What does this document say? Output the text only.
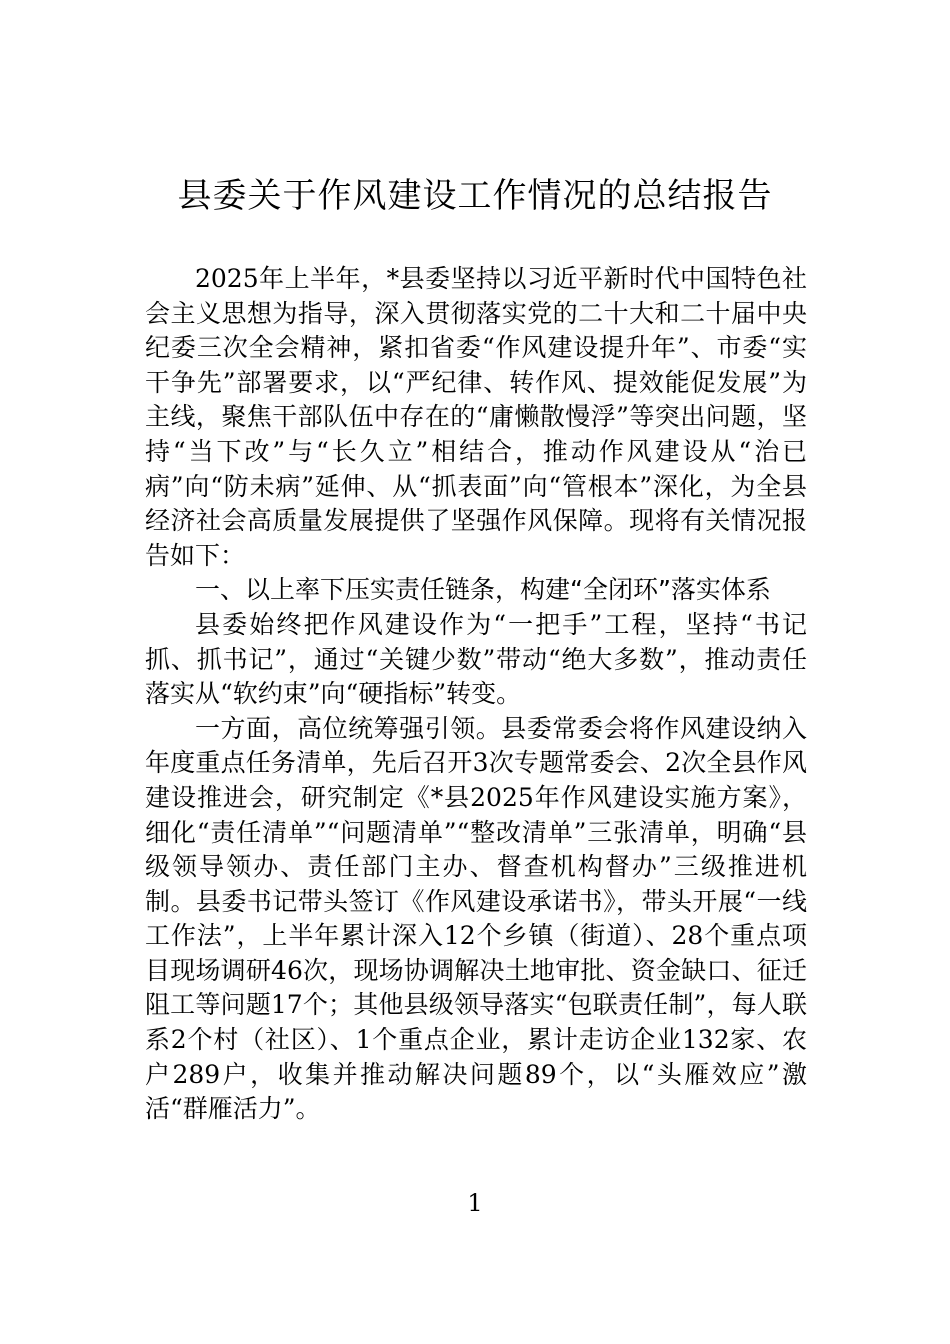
县委关于作风建设工作情况的总结报告

2025年上半年，*县委坚持以习近平新时代中国特色社会主义思想为指导，深入贯彻落实党的二十大和二十届中央纪委三次全会精神，紧扣省委“作风建设提升年”、市委“实干争先”部署要求，以“严纪律、转作风、提效能促发展”为主线，聚焦干部队伍中存在的“庸懒散慢浮”等突出问题，坚持“当下改”与“长久立”相结合，推动作风建设从“治已病”向“防未病”延伸、从“抓表面”向“管根本”深化，为全县经济社会高质量发展提供了坚强作风保障。现将有关情况报告如下：

一、以上率下压实责任链条，构建“全闭环”落实体系

县委始终把作风建设作为“一把手”工程，坚持“书记抓、抓书记”，通过“关键少数”带动“绝大多数”，推动责任落实从“软约束”向“硬指标”转变。

一方面，高位统筹强引领。县委常委会将作风建设纳入年度重点任务清单，先后召开3次专题常委会、2次全县作风建设推进会，研究制定《*县2025年作风建设实施方案》，细化“责任清单”“问题清单”“整改清单”三张清单，明确“县级领导领办、责任部门主办、督查机构督办”三级推进机制。县委书记带头签订《作风建设承诺书》，带头开展“一线工作法”，上半年累计深入12个乡镇（街道）、28个重点项目现场调研46次，现场协调解决土地审批、资金缺口、征迁阻工等问题17个；其他县级领导落实“包联责任制”，每人联系2个村（社区）、1个重点企业，累计走访企业132家、农户289户，收集并推动解决问题89个，以“头雁效应”激活“群雁活力”。

1
